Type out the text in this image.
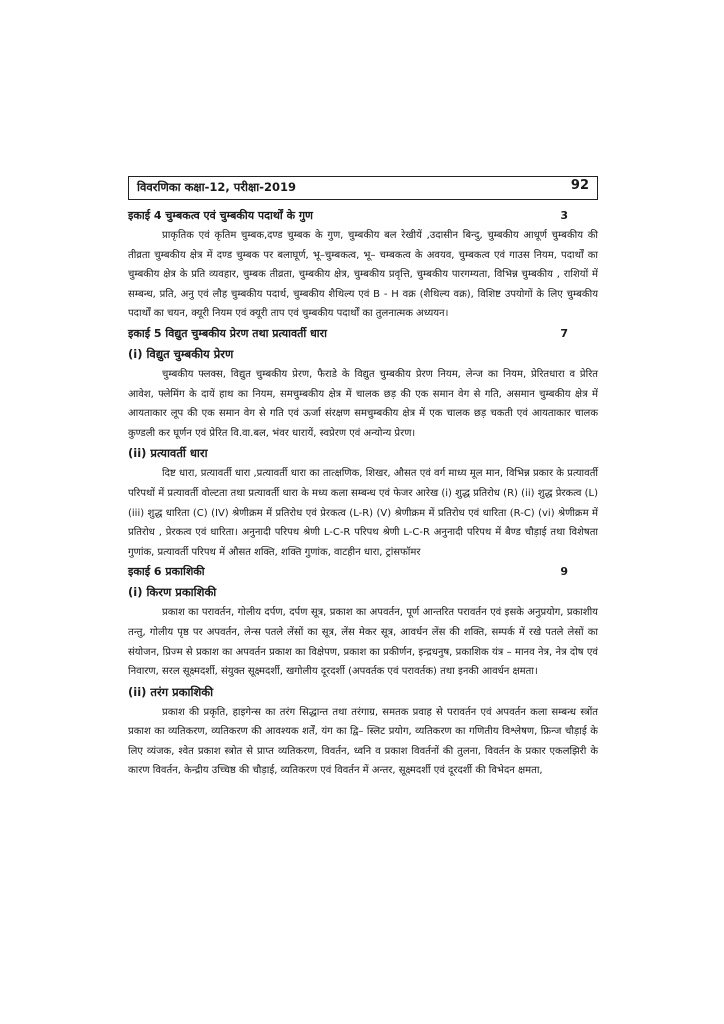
विवरणिका कक्षा-12, परीक्षा-2019	92
इकाई 4 चुम्बकत्व एवं चुम्बकीय पदार्थों के गुण	3

प्राकृतिक एवं कृतिम चुम्बक,दण्ड चुम्बक के गुण, चुम्बकीय बल रेखीयें ,उदासीन बिन्दु, चुम्बकीय आधूर्ण चुम्बकीय की तीव्रता चुम्बकीय क्षेत्र में दण्ड चुम्बक पर बलाघूर्ण, भू–चुम्बकत्व, भू– चम्बकत्व के अवयव, चुम्बकत्व एवं गाउस नियम, पदार्थों का चुम्बकीय क्षेत्र के प्रति व्यवहार, चुम्बक तीव्रता, चुम्बकीय क्षेत्र, चुम्बकीय प्रवृत्ति, चुम्बकीय पारगम्यता, विभिन्न चुम्बकीय , राशियों में सम्बन्ध, प्रति, अनु एवं लौह चुम्बकीय पदार्थ, चुम्बकीय शैथिल्य एवं B - H वक्र (शैथिल्य वक्र), विशिष्ट उपयोगों के लिए चुम्बकीय पदार्थों का चयन, क्यूरी नियम एवं क्यूरी ताप एवं चुम्बकीय पदार्थों का तुलनात्मक अध्ययन।

इकाई 5 विद्युत चुम्बकीय प्रेरण तथा प्रत्यावर्ती धारा	7
(i) विद्युत चुम्बकीय प्रेरण

चुम्बकीय फ्लक्स, विद्युत चुम्बकीय प्रेरण, फैराडे के विद्युत चुम्बकीय प्रेरण नियम, लेन्ज का नियम, प्रेरितधारा व प्रेरित आवेश, फ्लेमिंग के दायें हाथ का नियम, समचुम्बकीय क्षेत्र में चालक छड़ की एक समान वेग से गति, असमान चुम्बकीय क्षेत्र में आयताकार लूप की एक समान वेग से गति एवं ऊर्जा संरक्षण समचुम्बकीय क्षेत्र में एक चालक छड़ चकती एवं आयताकार चालक कुण्डली कर घूर्णन एवं प्रेरित वि.वा.बल, भंवर धारायें, स्वप्रेरण एवं अन्योन्य प्रेरण।

(ii) प्रत्यावर्ती धारा

दिष्ट धारा, प्रत्यावर्ती धारा ,प्रत्यावर्ती धारा का तात्क्षणिक, शिखर, औसत एवं वर्ग माध्य मूल मान, विभिन्न प्रकार के प्रत्यावर्ती परिपथों में प्रत्यावर्ती वोल्टता तथा प्रत्यावर्ती धारा के मध्य कला सम्बन्ध एवं फेजर आरेख (i) शुद्ध प्रतिरोध (R) (ii) शुद्ध प्रेरकत्व (L) (iii) शुद्ध धारिता (C) (IV) श्रेणीक्रम में प्रतिरोध एवं प्रेरकत्व (L-R) (V) श्रेणीक्रम में प्रतिरोध एवं धारिता (R-C) (vi) श्रेणीक्रम में प्रतिरोध , प्रेरकत्व एवं धारिता। अनुनादी परिपथ श्रेणी L-C-R परिपथ श्रेणी L-C-R अनुनादी परिपथ में बैण्ड चौड़ाई तथा विशेषता गुणांक, प्रत्यावर्ती परिपथ में औसत शक्ति, शक्ति गुणांक, वाटहीन धारा, ट्रांसफॉमर

इकाई 6 प्रकाशिकी	9
(i) किरण प्रकाशिकी

प्रकाश का परावर्तन, गोलीय दर्पण, दर्पण सूत्र, प्रकाश का अपवर्तन, पूर्ण आन्तरित परावर्तन एवं इसके अनुप्रयोग, प्रकाशीय तन्तु, गोलीय पृष्ठ पर अपवर्तन, लेन्स पतले लेंसों का सूत्र, लेंस मेकर सूत्र, आवर्धन लेंस की शक्ति, सम्पर्क में रखे पतले लेसों का संयोजन, प्रिज्म से प्रकाश का अपवर्तन प्रकाश का विक्षेपण, प्रकाश का प्रकीर्णन, इन्द्रधनुष, प्रकाशिक यंत्र – मानव नेत्र, नेत्र दोष एवं निवारण, सरल सूक्ष्मदर्शी, संयुक्त सूक्ष्मदर्शी, खगोलीय दूरदर्शी (अपवर्तक एवं परावर्तक) तथा इनकी आवर्धन क्षमता।

(ii) तरंग प्रकाशिकी

प्रकाश की प्रकृति, हाइगेन्स का तरंग सिद्धान्त तथा तरंगाग्र, समतक प्रवाह से परावर्तन एवं अपवर्तन कला सम्बन्ध स्त्रोंत प्रकाश का व्यतिकरण, व्यतिकरण की आवश्यक शर्तें, यंग का द्वि– स्लिट प्रयोग, व्यतिकरण का गणितीय विश्लेषण, फ्रिन्ज चौड़ाई के लिए व्यंजक, श्वेत प्रकाश स्त्रोत से प्राप्त व्यतिकरण, विवर्तन, ध्वनि व प्रकाश विवर्तनों की तुलना, विवर्तन के प्रकार एकलझिरी के कारण विवर्तन, केन्द्रीय उच्चिष्ठ की चौड़ाई, व्यतिकरण एवं विवर्तन में अन्तर, सूक्ष्मदर्शी एवं दूरदर्शी की विभेदन क्षमता,
